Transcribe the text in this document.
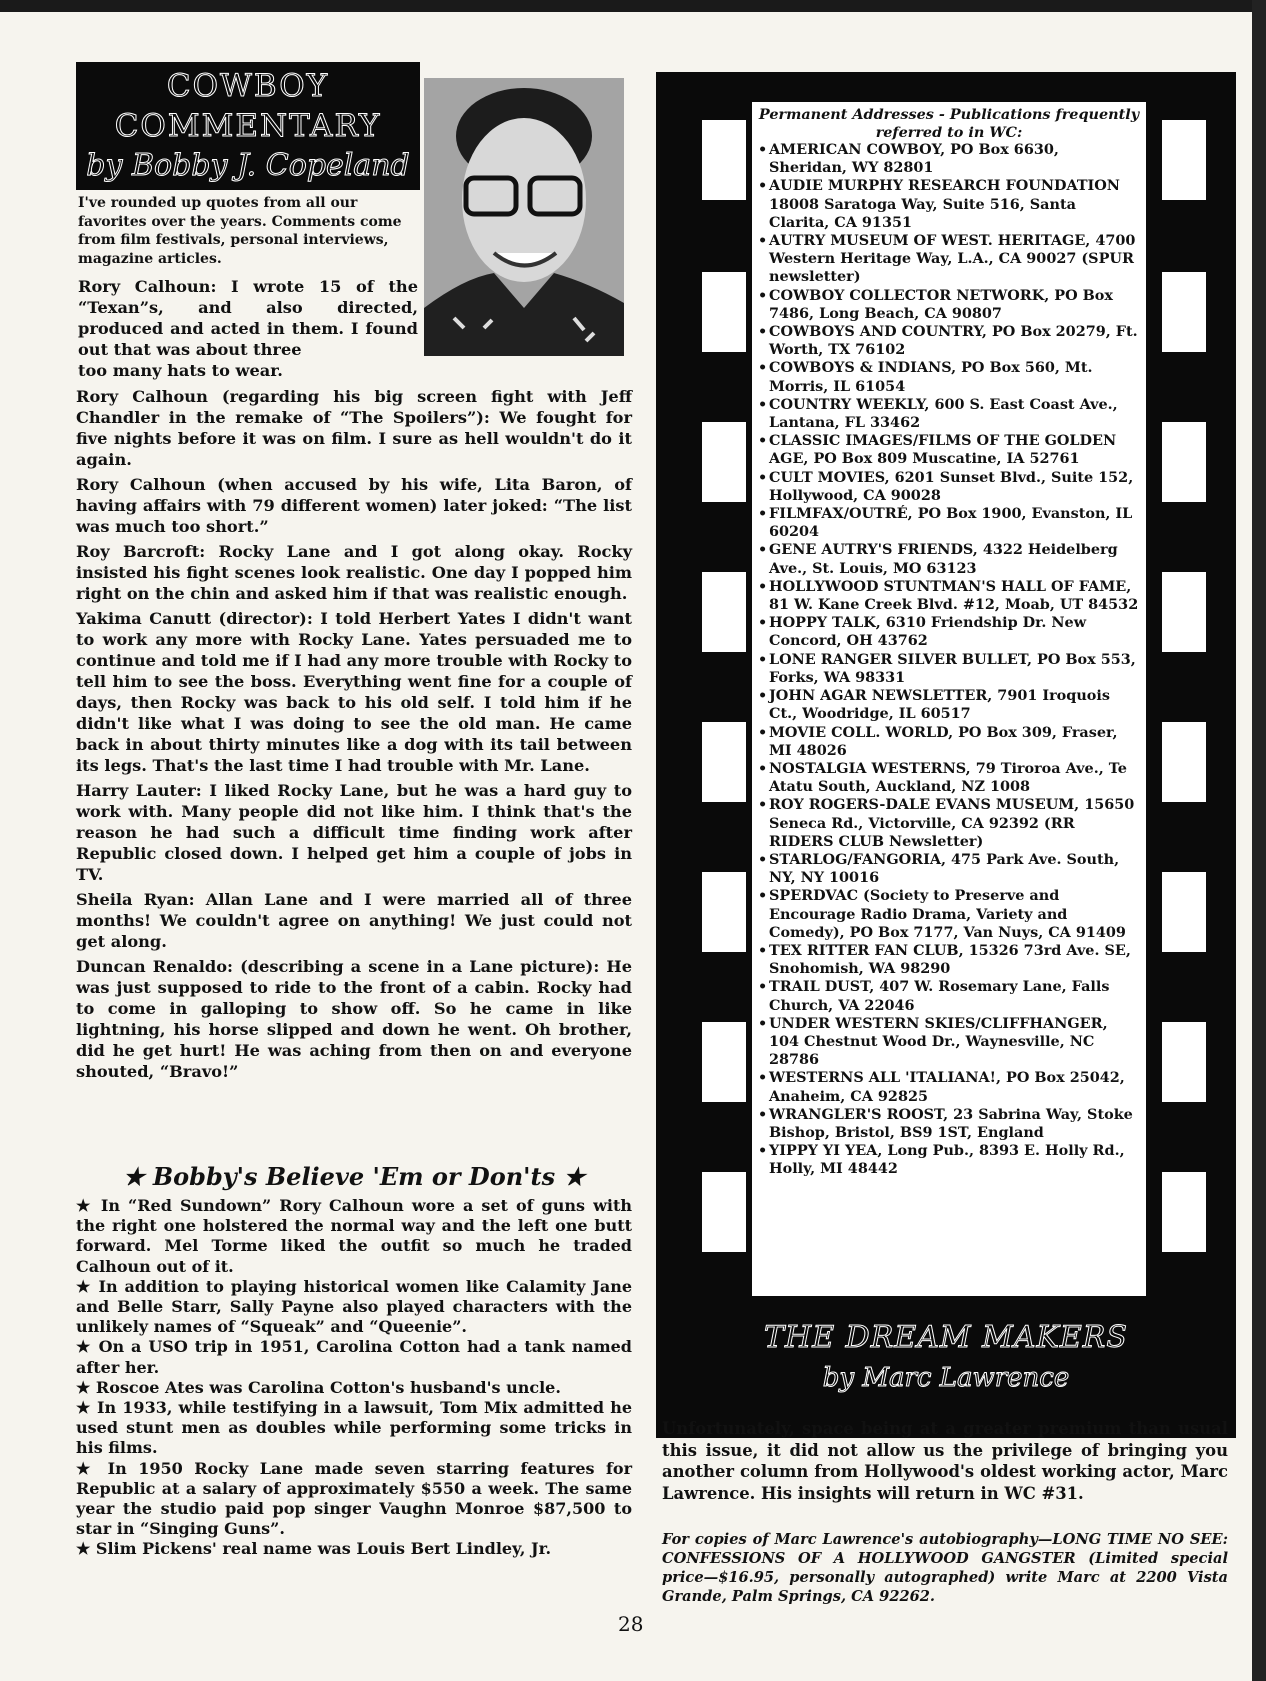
COWBOY
COMMENTARY
by Bobby J. Copeland
I've rounded up quotes from all our favorites over the years. Comments come from film festivals, personal interviews, magazine articles.
Rory Calhoun: I wrote 15 of the “Texan”s, and also directed, produced and acted in them. I found out that was about three
too many hats to wear.
Rory Calhoun (regarding his big screen fight with Jeff Chandler in the remake of “The Spoilers”): We fought for five nights before it was on film. I sure as hell wouldn't do it again.
Rory Calhoun (when accused by his wife, Lita Baron, of having affairs with 79 different women) later joked: “The list was much too short.”
Roy Barcroft: Rocky Lane and I got along okay. Rocky insisted his fight scenes look realistic. One day I popped him right on the chin and asked him if that was realistic enough.
Yakima Canutt (director): I told Herbert Yates I didn't want to work any more with Rocky Lane. Yates persuaded me to continue and told me if I had any more trouble with Rocky to tell him to see the boss. Everything went fine for a couple of days, then Rocky was back to his old self. I told him if he didn't like what I was doing to see the old man. He came back in about thirty minutes like a dog with its tail between its legs. That's the last time I had trouble with Mr. Lane.
Harry Lauter: I liked Rocky Lane, but he was a hard guy to work with. Many people did not like him. I think that's the reason he had such a difficult time finding work after Republic closed down. I helped get him a couple of jobs in TV.
Sheila Ryan: Allan Lane and I were married all of three months! We couldn't agree on anything! We just could not get along.
Duncan Renaldo: (describing a scene in a Lane picture): He was just supposed to ride to the front of a cabin. Rocky had to come in galloping to show off. So he came in like lightning, his horse slipped and down he went. Oh brother, did he get hurt! He was aching from then on and everyone shouted, “Bravo!”
★ Bobby's Believe 'Em or Don'ts ★
★ In “Red Sundown” Rory Calhoun wore a set of guns with the right one holstered the normal way and the left one butt forward. Mel Torme liked the outfit so much he traded Calhoun out of it.
★ In addition to playing historical women like Calamity Jane and Belle Starr, Sally Payne also played characters with the unlikely names of “Squeak” and “Queenie”.
★ On a USO trip in 1951, Carolina Cotton had a tank named after her.
★ Roscoe Ates was Carolina Cotton's husband's uncle.
★ In 1933, while testifying in a lawsuit, Tom Mix admitted he used stunt men as doubles while performing some tricks in his films.
★ In 1950 Rocky Lane made seven starring features for Republic at a salary of approximately $550 a week. The same year the studio paid pop singer Vaughn Monroe $87,500 to star in “Singing Guns”.
★ Slim Pickens' real name was Louis Bert Lindley, Jr.
28
Permanent Addresses - Publications frequently referred to in WC:
• AMERICAN COWBOY, PO Box 6630, Sheridan, WY 82801
• AUDIE MURPHY RESEARCH FOUNDATION 18008 Saratoga Way, Suite 516, Santa Clarita, CA 91351
• AUTRY MUSEUM OF WEST. HERITAGE, 4700 Western Heritage Way, L.A., CA 90027 (SPUR newsletter)
• COWBOY COLLECTOR NETWORK, PO Box 7486, Long Beach, CA 90807
• COWBOYS AND COUNTRY, PO Box 20279, Ft. Worth, TX 76102
• COWBOYS & INDIANS, PO Box 560, Mt. Morris, IL 61054
• COUNTRY WEEKLY, 600 S. East Coast Ave., Lantana, FL 33462
• CLASSIC IMAGES/FILMS OF THE GOLDEN AGE, PO Box 809 Muscatine, IA 52761
• CULT MOVIES, 6201 Sunset Blvd., Suite 152, Hollywood, CA 90028
• FILMFAX/OUTRÉ, PO Box 1900, Evanston, IL 60204
• GENE AUTRY'S FRIENDS, 4322 Heidelberg Ave., St. Louis, MO 63123
• HOLLYWOOD STUNTMAN'S HALL OF FAME, 81 W. Kane Creek Blvd. #12, Moab, UT 84532
• HOPPY TALK, 6310 Friendship Dr. New Concord, OH 43762
• LONE RANGER SILVER BULLET, PO Box 553, Forks, WA 98331
• JOHN AGAR NEWSLETTER, 7901 Iroquois Ct., Woodridge, IL 60517
• MOVIE COLL. WORLD, PO Box 309, Fraser, MI 48026
• NOSTALGIA WESTERNS, 79 Tiroroa Ave., Te Atatu South, Auckland, NZ 1008
• ROY ROGERS-DALE EVANS MUSEUM, 15650 Seneca Rd., Victorville, CA 92392 (RR RIDERS CLUB Newsletter)
• STARLOG/FANGORIA, 475 Park Ave. South, NY, NY 10016
• SPERDVAC (Society to Preserve and Encourage Radio Drama, Variety and Comedy), PO Box 7177, Van Nuys, CA 91409
• TEX RITTER FAN CLUB, 15326 73rd Ave. SE, Snohomish, WA 98290
• TRAIL DUST, 407 W. Rosemary Lane, Falls Church, VA 22046
• UNDER WESTERN SKIES/CLIFFHANGER, 104 Chestnut Wood Dr., Waynesville, NC 28786
• WESTERNS ALL 'ITALIANA!, PO Box 25042, Anaheim, CA 92825
• WRANGLER'S ROOST, 23 Sabrina Way, Stoke Bishop, Bristol, BS9 1ST, England
• YIPPY YI YEA, Long Pub., 8393 E. Holly Rd., Holly, MI 48442
THE DREAM MAKERS
by Marc Lawrence
Unfortunately, space being at a greater premium than usual this issue, it did not allow us the privilege of bringing you another column from Hollywood's oldest working actor, Marc Lawrence. His insights will return in WC #31.
For copies of Marc Lawrence's autobiography—LONG TIME NO SEE: CONFESSIONS OF A HOLLYWOOD GANGSTER (Limited special price—$16.95, personally autographed) write Marc at 2200 Vista Grande, Palm Springs, CA 92262.
